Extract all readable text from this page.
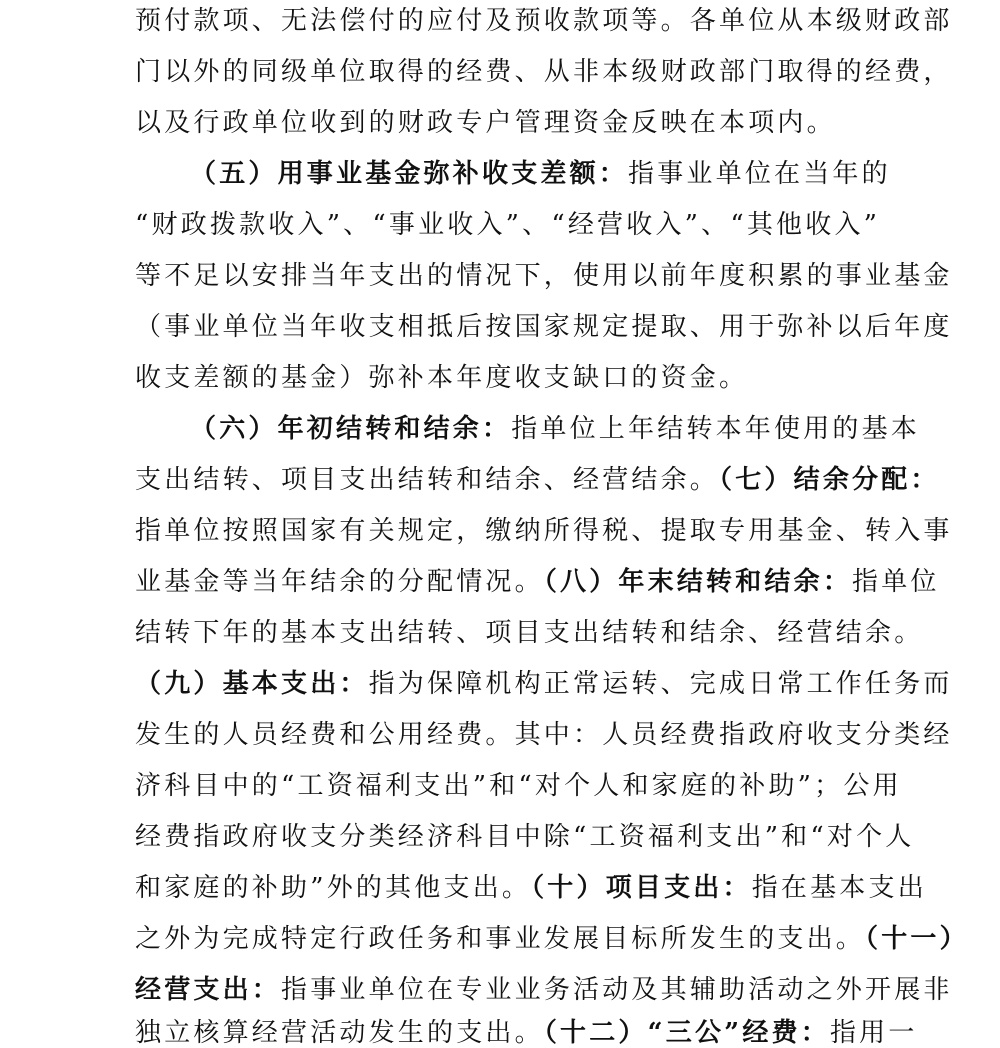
预付款项、无法偿付的应付及预收款项等。各单位从本级财政部
门以外的同级单位取得的经费、从非本级财政部门取得的经费，
以及行政单位收到的财政专户管理资金反映在本项内。
（五）用事业基金弥补收支差额：指事业单位在当年的
“财政拨款收入”、“事业收入”、“经营收入”、“其他收入”
等不足以安排当年支出的情况下，使用以前年度积累的事业基金
（事业单位当年收支相抵后按国家规定提取、用于弥补以后年度
收支差额的基金）弥补本年度收支缺口的资金。
（六）年初结转和结余：指单位上年结转本年使用的基本
支出结转、项目支出结转和结余、经营结余。（七）结余分配：
指单位按照国家有关规定，缴纳所得税、提取专用基金、转入事
业基金等当年结余的分配情况。（八）年末结转和结余：指单位
结转下年的基本支出结转、项目支出结转和结余、经营结余。
（九）基本支出：指为保障机构正常运转、完成日常工作任务而
发生的人员经费和公用经费。其中：人员经费指政府收支分类经
济科目中的“工资福利支出”和“对个人和家庭的补助”；公用
经费指政府收支分类经济科目中除“工资福利支出”和“对个人
和家庭的补助”外的其他支出。（十）项目支出：指在基本支出
之外为完成特定行政任务和事业发展目标所发生的支出。（十一）
经营支出：指事业单位在专业业务活动及其辅助活动之外开展非
独立核算经营活动发生的支出。（十二）“三公”经费：指用一
